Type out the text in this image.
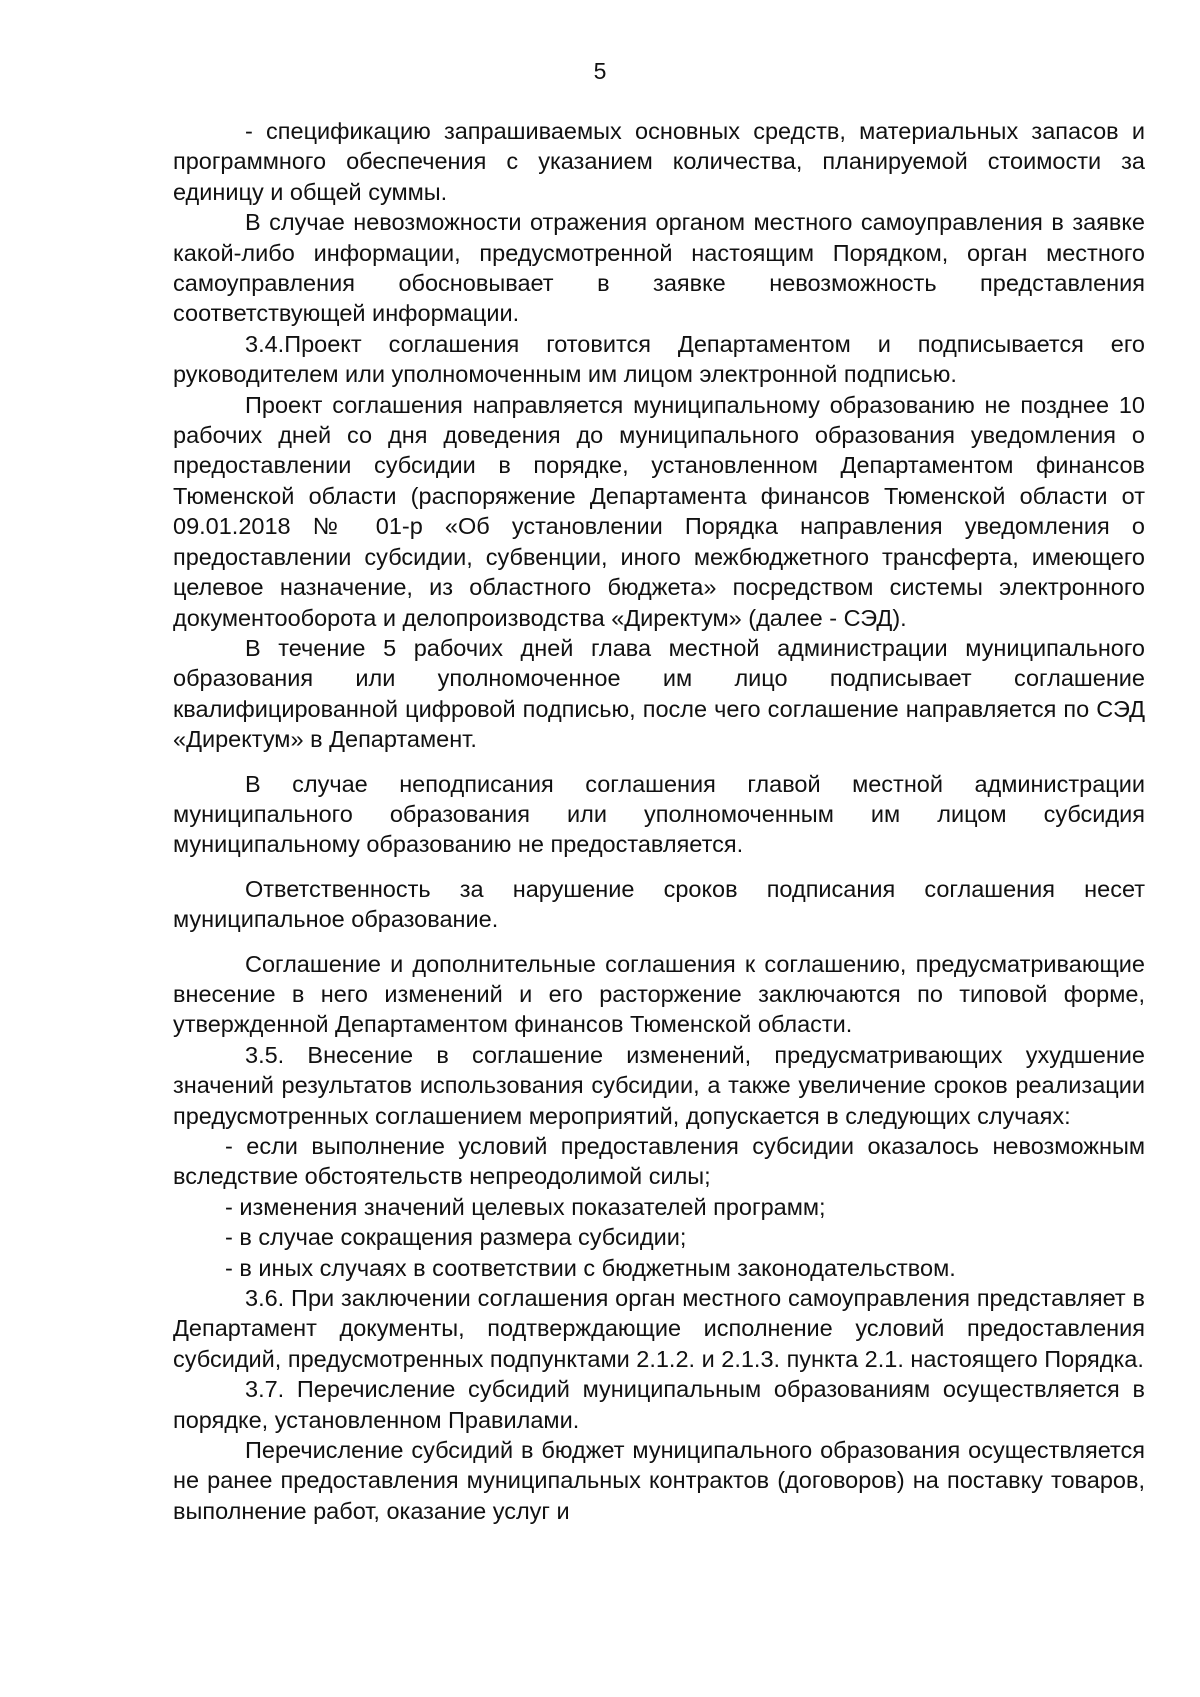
5

- спецификацию запрашиваемых основных средств, материальных запасов и программного обеспечения с указанием количества, планируемой стоимости за единицу и общей суммы.

В случае невозможности отражения органом местного самоуправления в заявке какой-либо информации, предусмотренной настоящим Порядком, орган местного самоуправления обосновывает в заявке невозможность представления соответствующей информации.

3.4.Проект соглашения готовится Департаментом и подписывается его руководителем или уполномоченным им лицом электронной подписью.

Проект соглашения направляется муниципальному образованию не позднее 10 рабочих дней со дня доведения до муниципального образования уведомления о предоставлении субсидии в порядке, установленном Департаментом финансов Тюменской области (распоряжение Департамента финансов Тюменской области от 09.01.2018 № 01-р «Об установлении Порядка направления уведомления о предоставлении субсидии, субвенции, иного межбюджетного трансферта, имеющего целевое назначение, из областного бюджета» посредством системы электронного документооборота и делопроизводства «Директум» (далее - СЭД).

В течение 5 рабочих дней глава местной администрации муниципального образования или уполномоченное им лицо подписывает соглашение квалифицированной цифровой подписью, после чего соглашение направляется по СЭД «Директум» в Департамент.

В случае неподписания соглашения главой местной администрации муниципального образования или уполномоченным им лицом субсидия муниципальному образованию не предоставляется.

Ответственность за нарушение сроков подписания соглашения несет муниципальное образование.

Соглашение и дополнительные соглашения к соглашению, предусматривающие внесение в него изменений и его расторжение заключаются по типовой форме, утвержденной Департаментом финансов Тюменской области.

3.5. Внесение в соглашение изменений, предусматривающих ухудшение значений результатов использования субсидии, а также увеличение сроков реализации предусмотренных соглашением мероприятий, допускается в следующих случаях:

- если выполнение условий предоставления субсидии оказалось невозможным вследствие обстоятельств непреодолимой силы;

- изменения значений целевых показателей программ;

- в случае сокращения размера субсидии;

- в иных случаях в соответствии с бюджетным законодательством.

3.6. При заключении соглашения орган местного самоуправления представляет в Департамент документы, подтверждающие исполнение условий предоставления субсидий, предусмотренных подпунктами 2.1.2. и 2.1.3. пункта 2.1. настоящего Порядка.

3.7. Перечисление субсидий муниципальным образованиям осуществляется в порядке, установленном Правилами.

Перечисление субсидий в бюджет муниципального образования осуществляется не ранее предоставления муниципальных контрактов (договоров) на поставку товаров, выполнение работ, оказание услуг и
